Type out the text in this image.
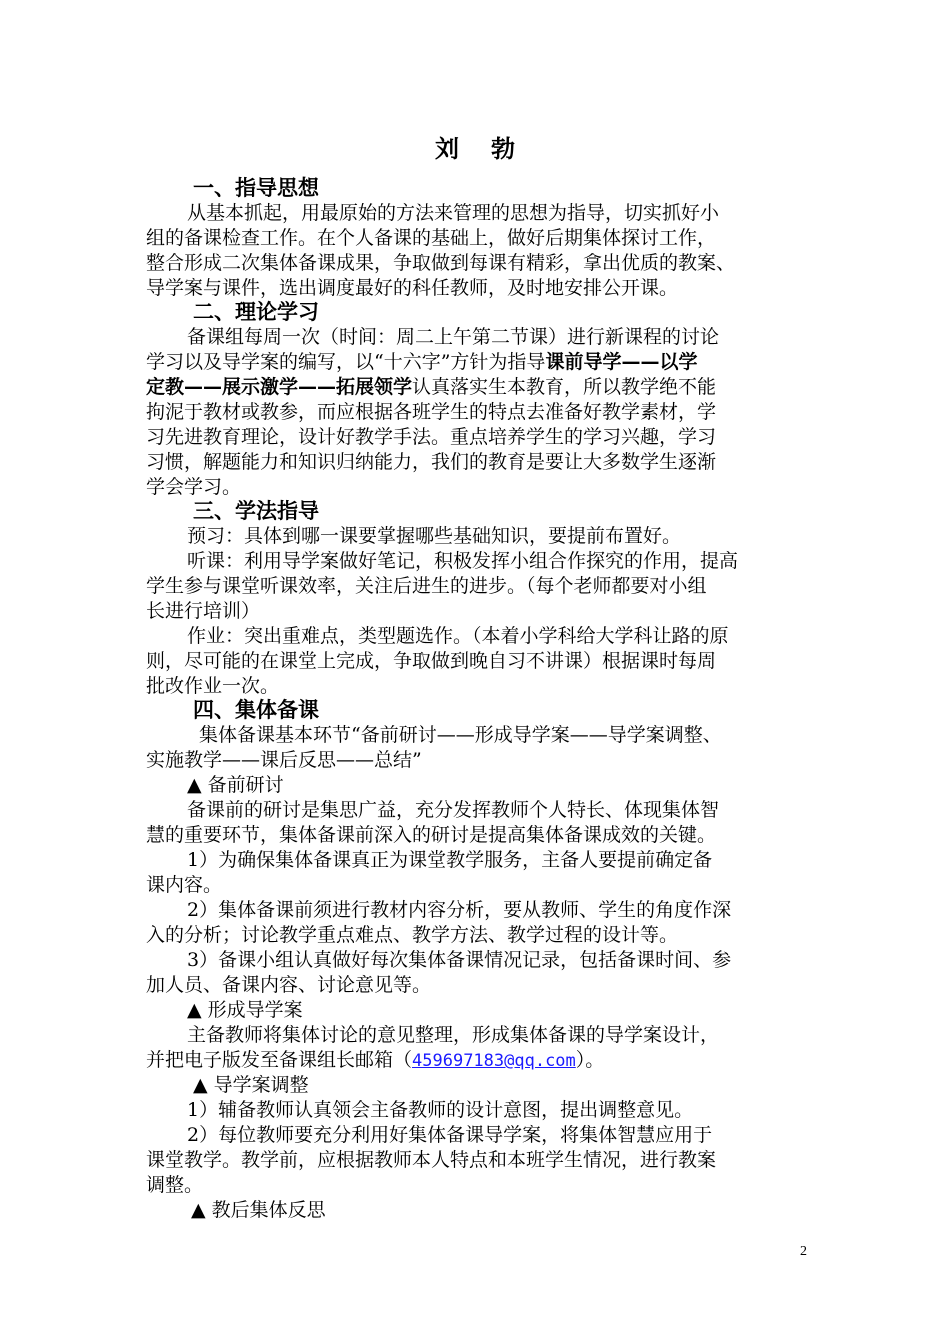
刘勃
一、指导思想
从基本抓起，用最原始的方法来管理的思想为指导，切实抓好小
组的备课检查工作。在个人备课的基础上，做好后期集体探讨工作，
整合形成二次集体备课成果，争取做到每课有精彩，拿出优质的教案、
导学案与课件，选出调度最好的科任教师，及时地安排公开课。
二、理论学习
备课组每周一次（时间：周二上午第二节课）进行新课程的讨论
学习以及导学案的编写，以“十六字”方针为指导课前导学——以学
定教——展示激学——拓展领学认真落实生本教育，所以教学绝不能
拘泥于教材或教参，而应根据各班学生的特点去准备好教学素材，学
习先进教育理论，设计好教学手法。重点培养学生的学习兴趣，学习
习惯，解题能力和知识归纳能力，我们的教育是要让大多数学生逐渐
学会学习。
三、学法指导
预习：具体到哪一课要掌握哪些基础知识，要提前布置好。
听课：利用导学案做好笔记，积极发挥小组合作探究的作用，提高
学生参与课堂听课效率，关注后进生的进步。（每个老师都要对小组
长进行培训）
作业：突出重难点，类型题选作。（本着小学科给大学科让路的原
则，尽可能的在课堂上完成，争取做到晚自习不讲课）根据课时每周
批改作业一次。
四、集体备课
集体备课基本环节“备前研讨——形成导学案——导学案调整、
实施教学——课后反思——总结”
▲ 备前研讨
备课前的研讨是集思广益，充分发挥教师个人特长、体现集体智
慧的重要环节，集体备课前深入的研讨是提高集体备课成效的关键。
1）为确保集体备课真正为课堂教学服务，主备人要提前确定备
课内容。
2）集体备课前须进行教材内容分析，要从教师、学生的角度作深
入的分析；讨论教学重点难点、教学方法、教学过程的设计等。
3）备课小组认真做好每次集体备课情况记录，包括备课时间、参
加人员、备课内容、讨论意见等。
▲ 形成导学案
主备教师将集体讨论的意见整理，形成集体备课的导学案设计，
并把电子版发至备课组长邮箱（459697183@qq.com）。
▲ 导学案调整
1）辅备教师认真领会主备教师的设计意图，提出调整意见。
2）每位教师要充分利用好集体备课导学案，将集体智慧应用于
课堂教学。教学前，应根据教师本人特点和本班学生情况，进行教案
调整。
▲ 教后集体反思
2
